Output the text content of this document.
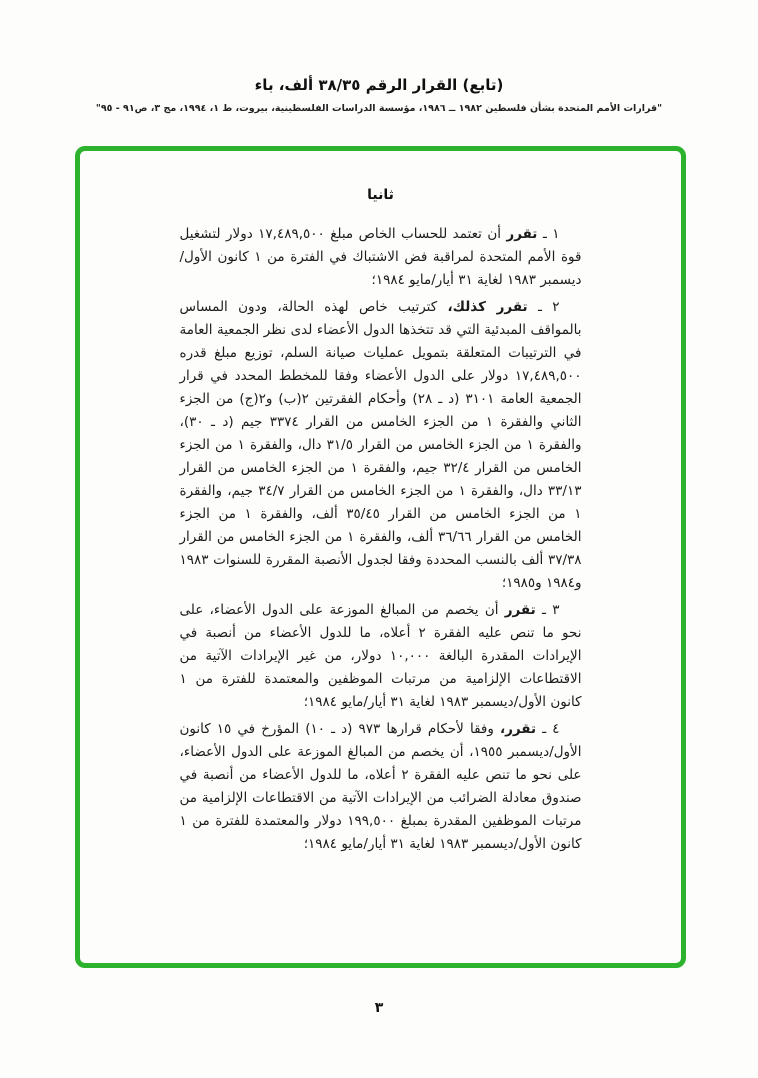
(تابع) القرار الرقم ٣٨/٣٥ ألف، باء
"قرارات الأمم المتحدة بشأن فلسطين ١٩٨٢ ــ ١٩٨٦، مؤسسة الدراسات الفلسطينية، بيروت، ط ١، ١٩٩٤، مج ٣، ص٩١ - ٩٥"
ثانيا

١ ـ تقرر أن تعتمد للحساب الخاص مبلغ ١٧,٤٨٩,٥٠٠ دولار لتشغيل قوة الأمم المتحدة لمراقبة فض الاشتباك في الفترة من ١ كانون الأول/ديسمبر ١٩٨٣ لغاية ٣١ أيار/مايو ١٩٨٤؛

٢ ـ تقرر كذلك، كترتيب خاص لهذه الحالة، ودون المساس بالمواقف المبدئية التي قد تتخذها الدول الأعضاء لدى نظر الجمعية العامة في الترتيبات المتعلقة بتمويل عمليات صيانة السلم، توزيع مبلغ قدره ١٧,٤٨٩,٥٠٠ دولار على الدول الأعضاء وفقا للمخطط المحدد في قرار الجمعية العامة ٣١٠١ (د ـ ٢٨) وأحكام الفقرتين ٢(ب) و٢(ج) من الجزء الثاني والفقرة ١ من الجزء الخامس من القرار ٣٣٧٤ جيم (د ـ ٣٠)، والفقرة ١ من الجزء الخامس من القرار ٣١/٥ دال، والفقرة ١ من الجزء الخامس من القرار ٣٢/٤ جيم، والفقرة ١ من الجزء الخامس من القرار ٣٣/١٣ دال، والفقرة ١ من الجزء الخامس من القرار ٣٤/٧ جيم، والفقرة ١ من الجزء الخامس من القرار ٣٥/٤٥ ألف، والفقرة ١ من الجزء الخامس من القرار ٣٦/٦٦ ألف، والفقرة ١ من الجزء الخامس من القرار ٣٧/٣٨ ألف بالنسب المحددة وفقا لجدول الأنصبة المقررة للسنوات ١٩٨٣ و١٩٨٤ و١٩٨٥؛

٣ ـ تقرر أن يخصم من المبالغ الموزعة على الدول الأعضاء، على نحو ما تنص عليه الفقرة ٢ أعلاه، ما للدول الأعضاء من أنصبة في الإيرادات المقدرة البالغة ١٠,٠٠٠ دولار، من غير الإيرادات الآتية من الاقتطاعات الإلزامية من مرتبات الموظفين والمعتمدة للفترة من ١ كانون الأول/ديسمبر ١٩٨٣ لغاية ٣١ أيار/مايو ١٩٨٤؛

٤ ـ تقرر، وفقا لأحكام قرارها ٩٧٣ (د ـ ١٠) المؤرخ في ١٥ كانون الأول/ديسمبر ١٩٥٥، أن يخصم من المبالغ الموزعة على الدول الأعضاء، على نحو ما تنص عليه الفقرة ٢ أعلاه، ما للدول الأعضاء من أنصبة في صندوق معادلة الضرائب من الإيرادات الآتية من الاقتطاعات الإلزامية من مرتبات الموظفين المقدرة بمبلغ ١٩٩,٥٠٠ دولار والمعتمدة للفترة من ١ كانون الأول/ديسمبر ١٩٨٣ لغاية ٣١ أيار/مايو ١٩٨٤؛

٣
